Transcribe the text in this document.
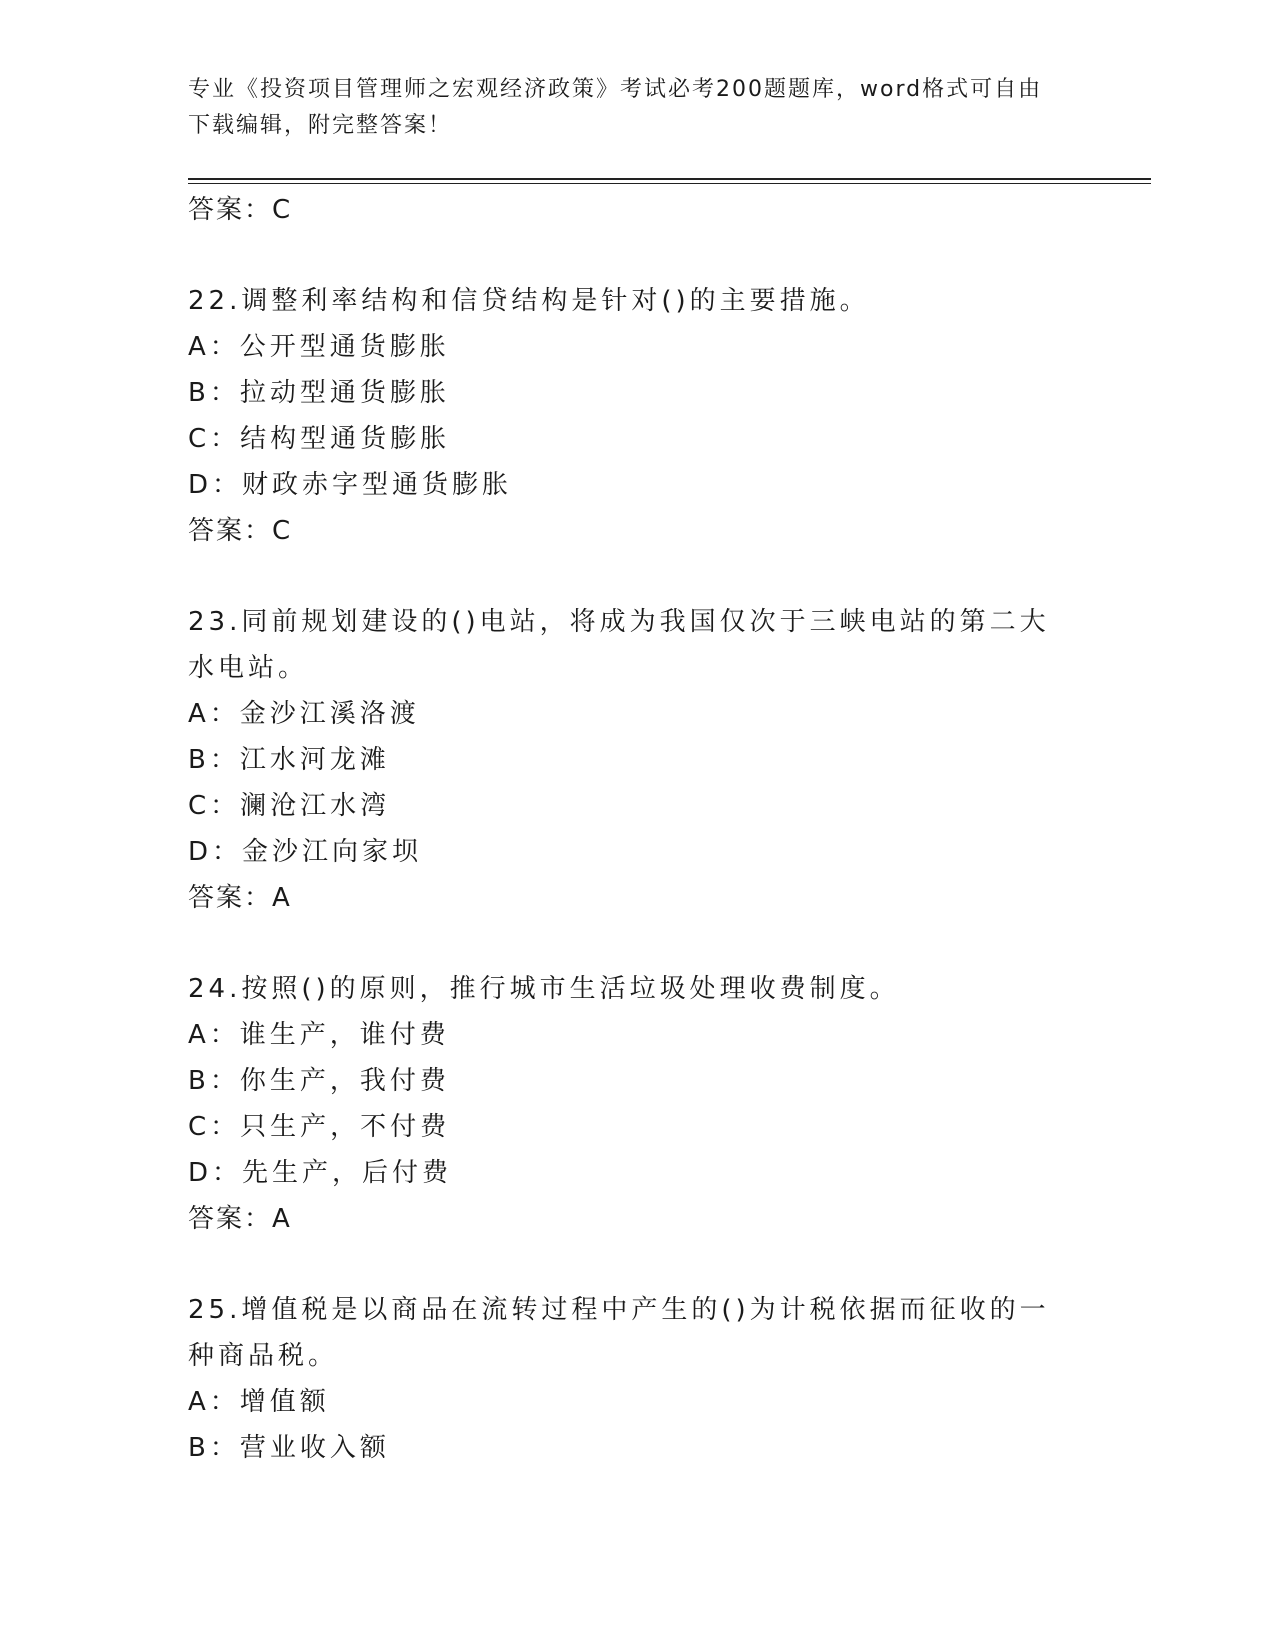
专业《投资项目管理师之宏观经济政策》考试必考200题题库，word格式可自由
下载编辑，附完整答案！
答案：C
22.调整利率结构和信贷结构是针对()的主要措施。
A：公开型通货膨胀
B：拉动型通货膨胀
C：结构型通货膨胀
D：财政赤字型通货膨胀
答案：C
23.同前规划建设的()电站，将成为我国仅次于三峡电站的第二大水电站。
A：金沙江溪洛渡
B：江水河龙滩
C：澜沧江水湾
D：金沙江向家坝
答案：A
24.按照()的原则，推行城市生活垃圾处理收费制度。
A：谁生产，谁付费
B：你生产，我付费
C：只生产，不付费
D：先生产，后付费
答案：A
25.增值税是以商品在流转过程中产生的()为计税依据而征收的一种商品税。
A：增值额
B：营业收入额
